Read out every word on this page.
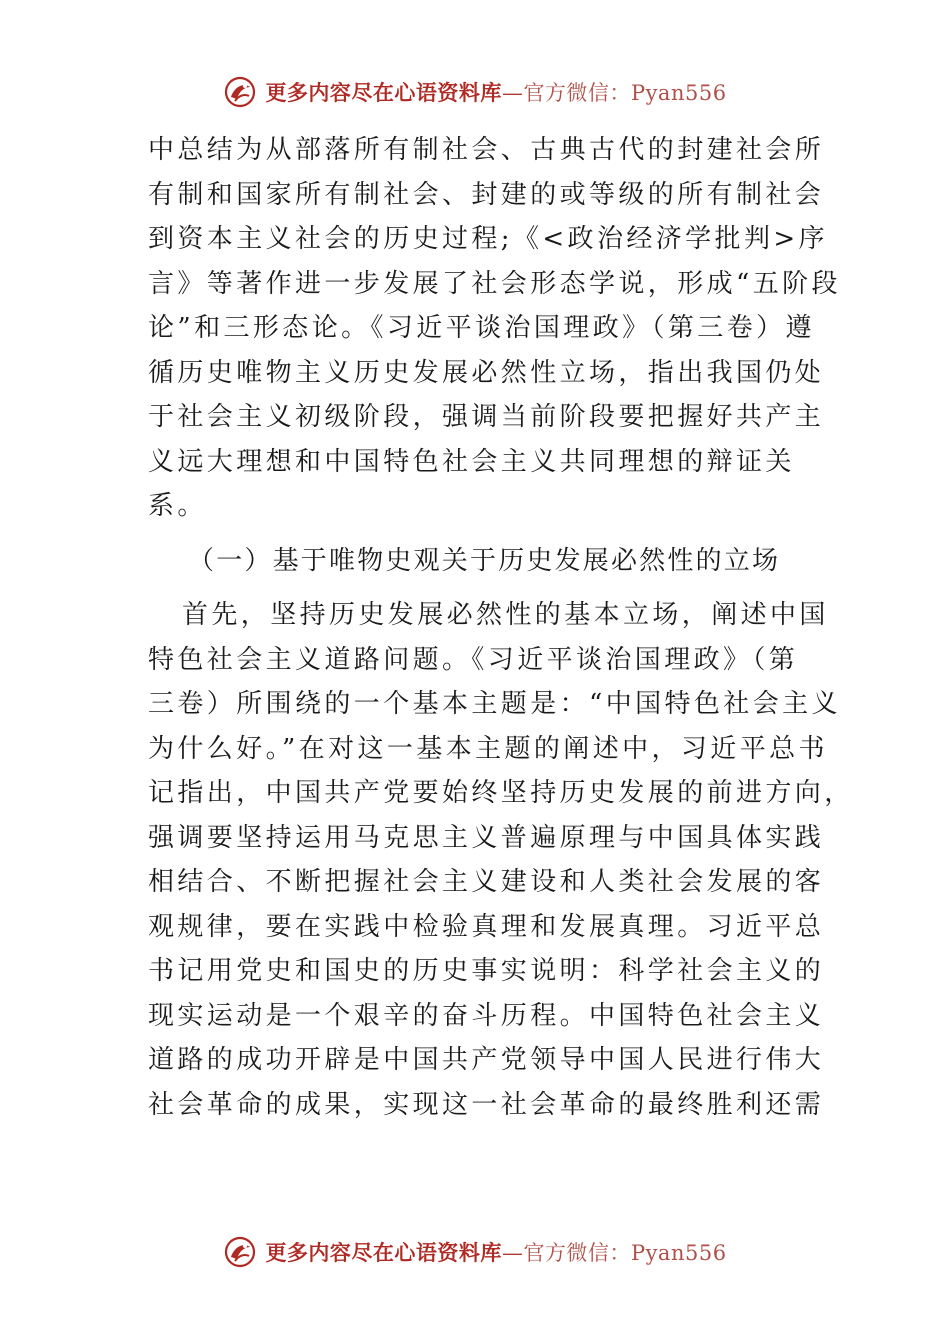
更多内容尽在心语资料库—官方微信：Pyan556
中总结为从部落所有制社会、古典古代的封建社会所
有制和国家所有制社会、封建的或等级的所有制社会
到资本主义社会的历史过程;《<政治经济学批判>序
言》等著作进一步发展了社会形态学说，形成“五阶段
论”和三形态论。《习近平谈治国理政》（第三卷）遵
循历史唯物主义历史发展必然性立场，指出我国仍处
于社会主义初级阶段，强调当前阶段要把握好共产主
义远大理想和中国特色社会主义共同理想的辩证关
系。
（一）基于唯物史观关于历史发展必然性的立场
首先，坚持历史发展必然性的基本立场，阐述中国
特色社会主义道路问题。《习近平谈治国理政》（第
三卷）所围绕的一个基本主题是：“中国特色社会主义
为什么好。”在对这一基本主题的阐述中，习近平总书
记指出，中国共产党要始终坚持历史发展的前进方向，
强调要坚持运用马克思主义普遍原理与中国具体实践
相结合、不断把握社会主义建设和人类社会发展的客
观规律，要在实践中检验真理和发展真理。习近平总
书记用党史和国史的历史事实说明：科学社会主义的
现实运动是一个艰辛的奋斗历程。中国特色社会主义
道路的成功开辟是中国共产党领导中国人民进行伟大
社会革命的成果，实现这一社会革命的最终胜利还需
更多内容尽在心语资料库—官方微信：Pyan556
